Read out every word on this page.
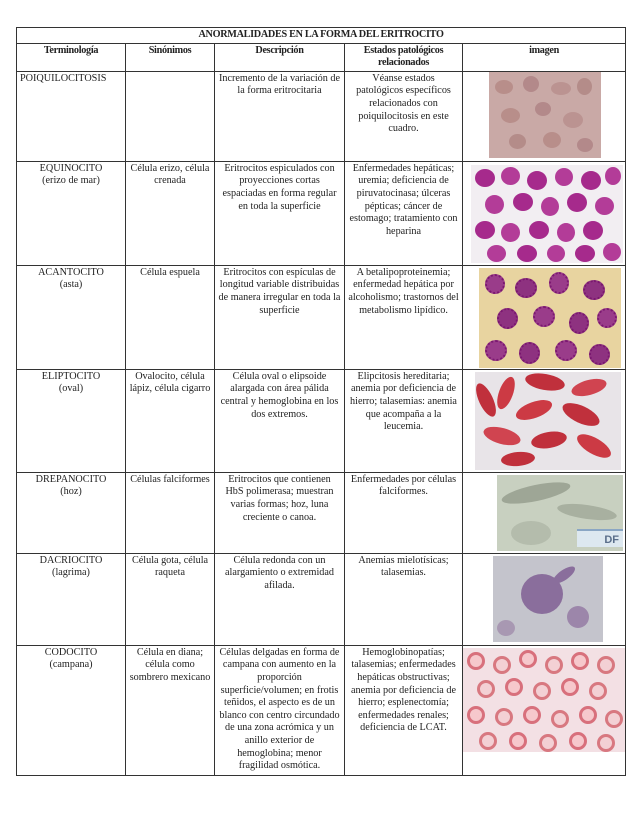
ANORMALIDADES EN LA FORMA DEL ERITROCITO				
Terminología	Sinónimos	Descripción	Estados patológicos relacionados	imagen

POIQUILOCITOSIS		Incremento de la variación de la forma eritrocitaria	Véanse estados patológicos específicos relacionados con poiquilocitosis en este cuadro.	

EQUINOCITO
(erizo de mar)	Célula erizo, célula crenada	Eritrocitos espiculados con proyecciones cortas espaciadas en forma regular en toda la superficie	Enfermedades hepáticas; uremia; deficiencia de piruvatocinasa; úlceras pépticas; cáncer de estomago; tratamiento con heparina	

ACANTOCITO
(asta)	Célula espuela	Eritrocitos con espículas de longitud variable distribuidas de manera irregular en toda la superficie	A betalipoproteinemia; enfermedad hepática por alcoholismo; trastornos del metabolismo lipídico.	

ELIPTOCITO
(oval)	Ovalocito, célula lápiz, célula cigarro	Célula oval o elipsoide alargada con área pálida central y hemoglobina en los dos extremos.	Elipcitosis hereditaria; anemia por deficiencia de hierro; talasemias: anemia que acompaña a la leucemia.	

DREPANOCITO
(hoz)	Células falciformes	Eritrocitos que contienen HbS polimerasa; muestran varias formas; hoz, luna creciente o canoa.	Enfermedades por células falciformes.	DF

DACRIOCITO
(lagrima)	Célula gota, célula raqueta	Célula redonda con un alargamiento o extremidad afilada.	Anemias mielotísicas; talasemias.	

CODOCITO
(campana)	Célula en diana; célula como sombrero mexicano	Células delgadas en forma de campana con aumento en la proporción superficie/volumen; en frotis teñidos, el aspecto es de un blanco con centro circundado de una zona acrómica y un anillo exterior de hemoglobina; menor fragilidad osmótica.	Hemoglobinopatías; talasemias; enfermedades hepáticas obstructivas; anemia por deficiencia de hierro; esplenectomía; enfermedades renales; deficiencia de LCAT.	
